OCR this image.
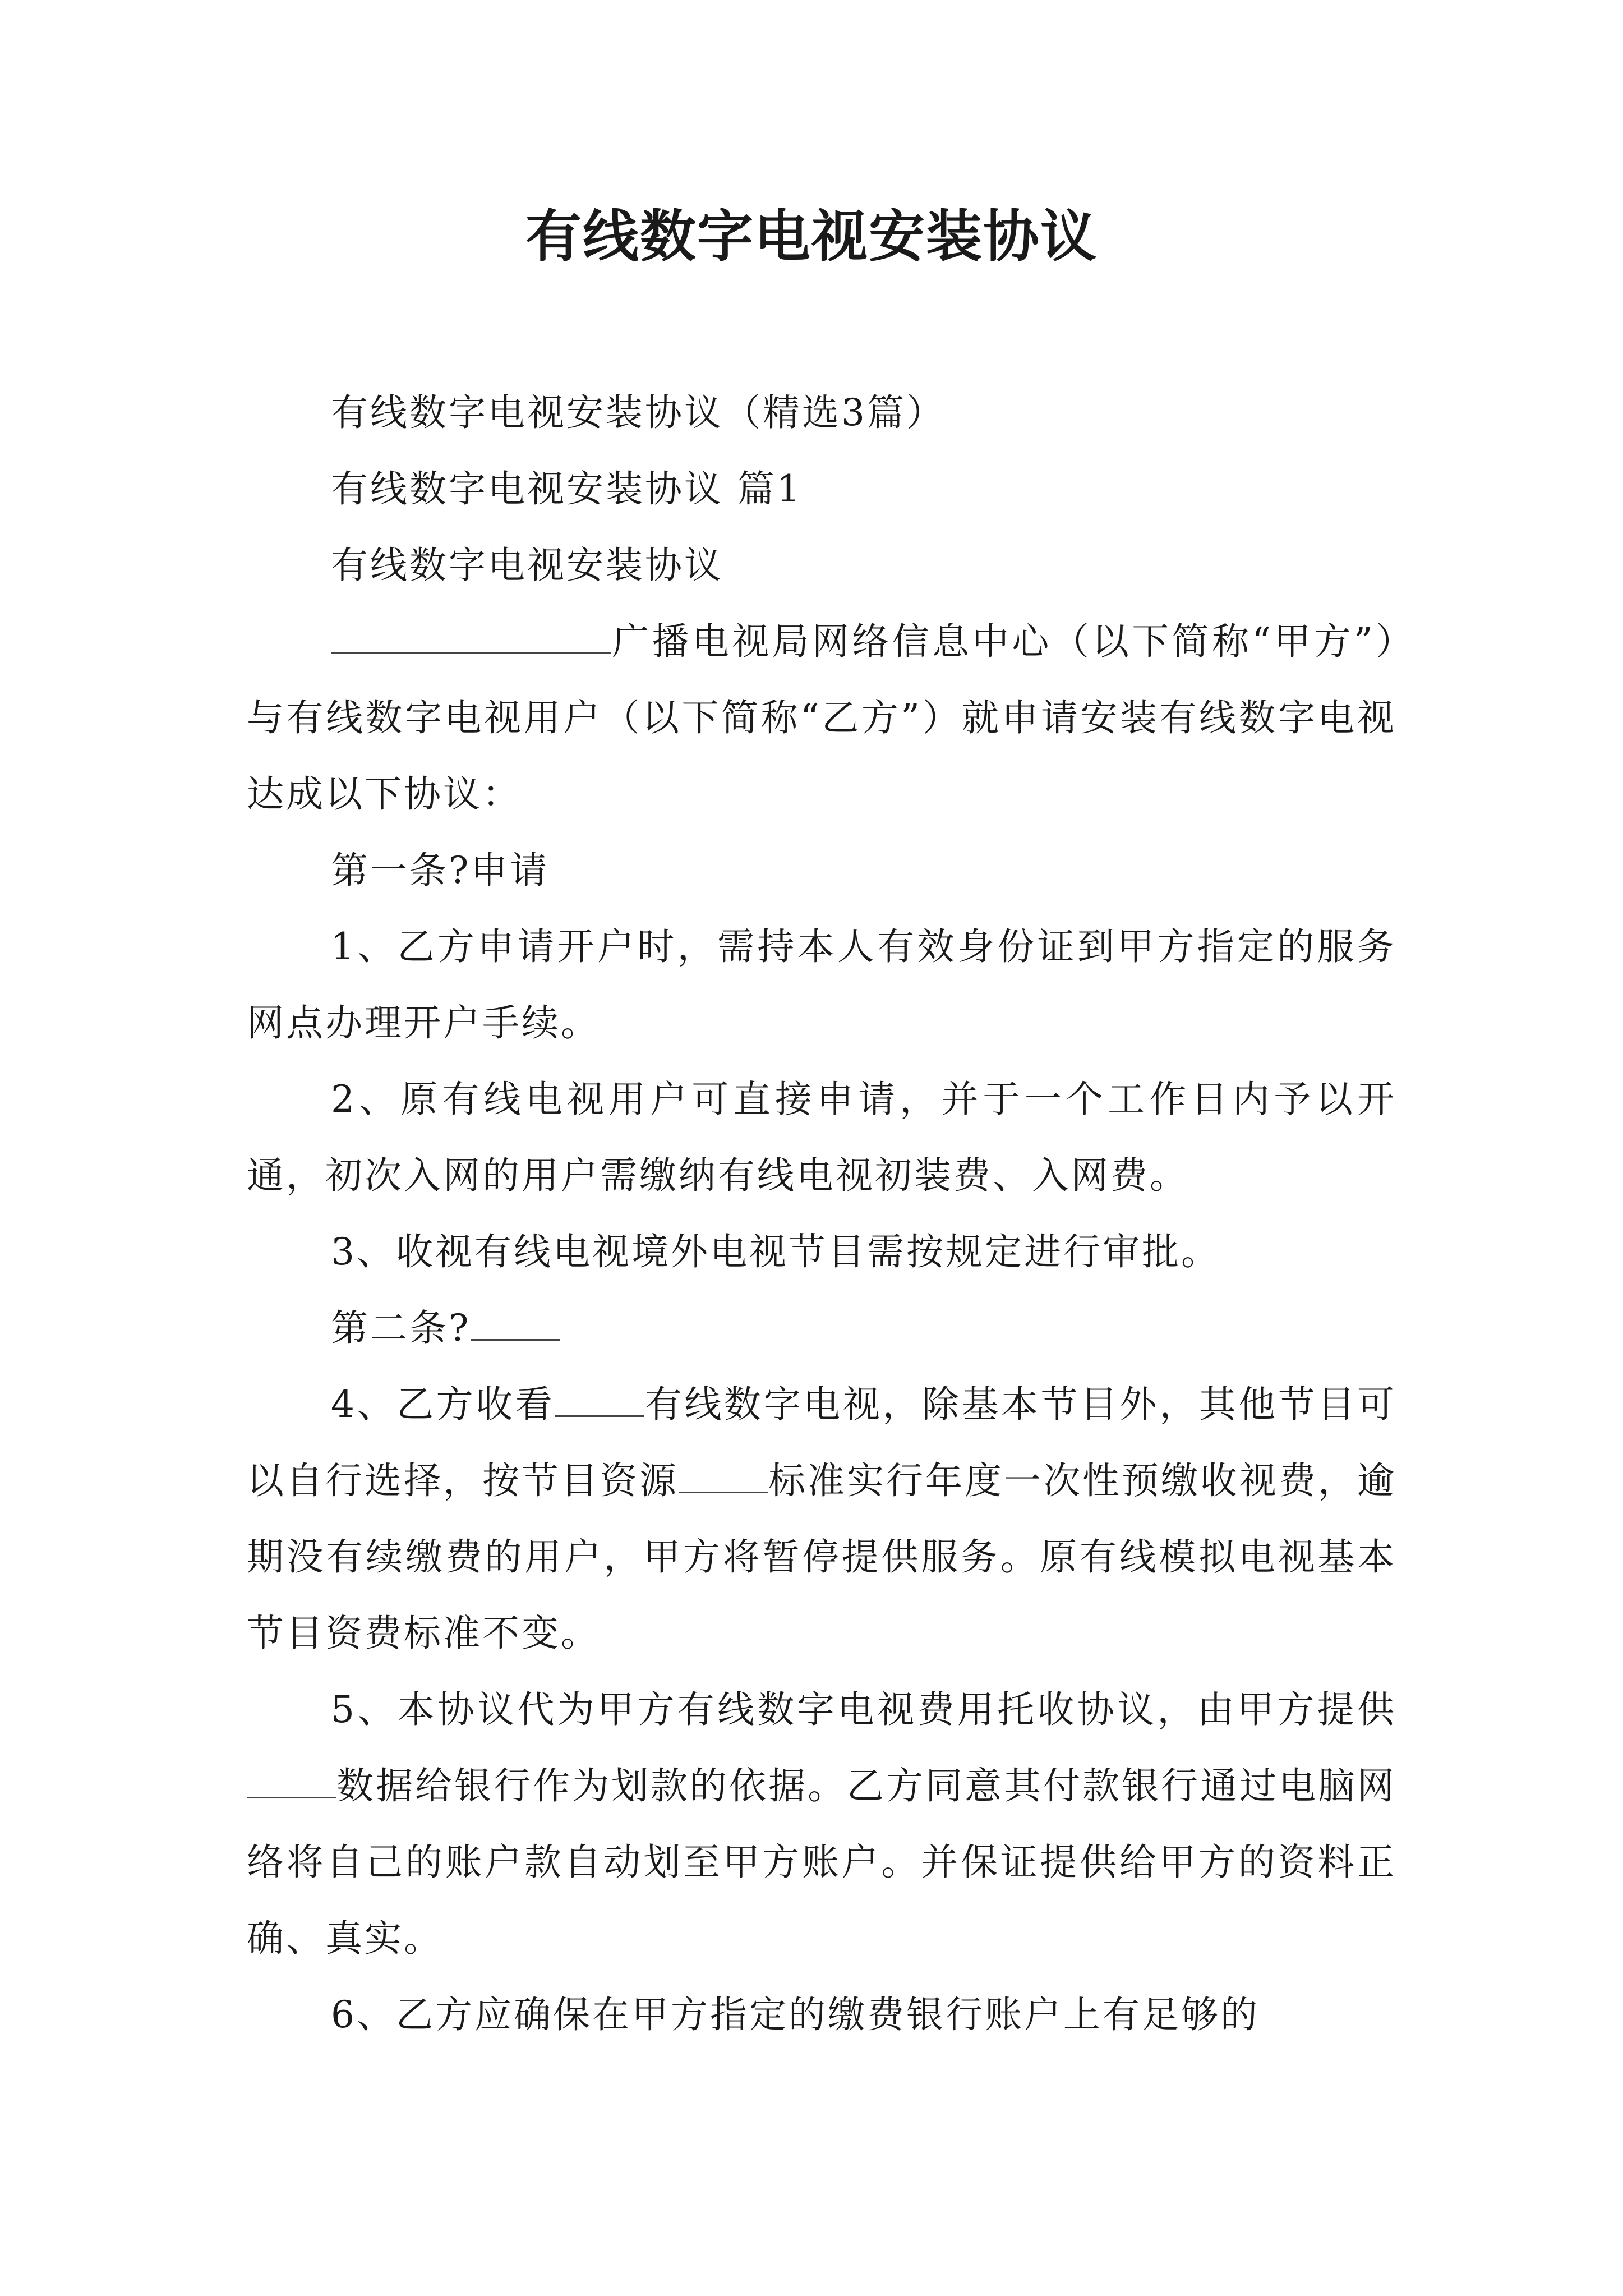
有线数字电视安装协议

有线数字电视安装协议（精选3篇）

有线数字电视安装协议 篇1

有线数字电视安装协议

广播电视局网络信息中心（以下简称“甲方”）与有线数字电视用户（以下简称“乙方”）就申请安装有线数字电视达成以下协议：

第一条?申请

1、乙方申请开户时，需持本人有效身份证到甲方指定的服务网点办理开户手续。

2、原有线电视用户可直接申请，并于一个工作日内予以开通，初次入网的用户需缴纳有线电视初装费、入网费。

3、收视有线电视境外电视节目需按规定进行审批。

第二条?

4、乙方收看 有线数字电视，除基本节目外，其他节目可以自行选择，按节目资源 标准实行年度一次性预缴收视费，逾期没有续缴费的用户，甲方将暂停提供服务。原有线模拟电视基本节目资费标准不变。

5、本协议代为甲方有线数字电视费用托收协议，由甲方提供数据给银行作为划款的依据。乙方同意其付款银行通过电脑网络将自己的账户款自动划至甲方账户。并保证提供给甲方的资料正确、真实。

6、乙方应确保在甲方指定的缴费银行账户上有足够的
